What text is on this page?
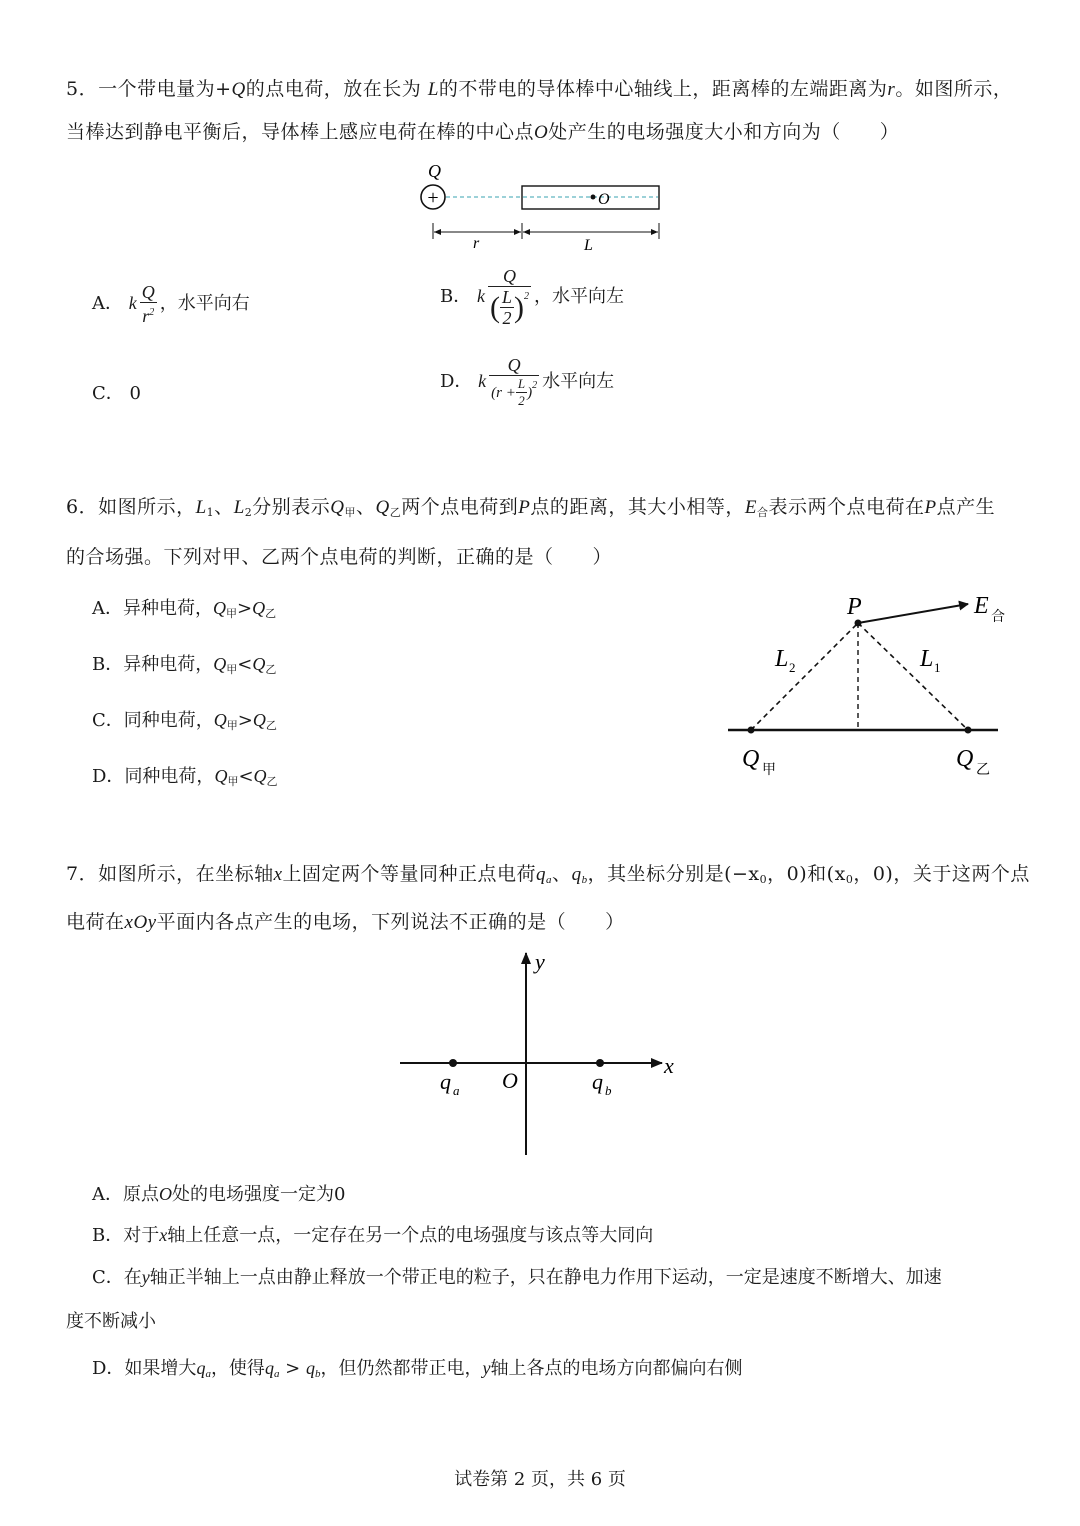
5．一个带电量为+Q的点电荷，放在长为 L的不带电的导体棒中心轴线上，距离棒的左端距离为r。如图所示，
当棒达到静电平衡后，导体棒上感应电荷在棒的中心点O处产生的电场强度大小和方向为（　　）
Q
+	O
r	L
A． k $\frac{Q}{r^2}$ ，水平向右	B． k $\frac{Q}{( \frac{L}{2} )^2}$ ，水平向左
C． 0
D． k $\frac{Q}{(r + \frac{L}{2} )^2}$ 水平向左
6．如图所示，$L_1$、$L_2$分别表示$Q_甲$、$Q_乙$两个点电荷到P点的距离，其大小相等，$E_合$表示两个点电荷在P点产生
的合场强。下列对甲、乙两个点电荷的判断，正确的是（　　）
A．异种电荷，$Q_甲>Q_乙$
B．异种电荷，$Q_甲<Q_乙$
C．同种电荷，$Q_甲>Q_乙$
D．同种电荷，$Q_甲<Q_乙$
P	E 合
L 2	L 1
Q 甲	Q 乙
7．如图所示，在坐标轴x上固定两个等量同种正点电荷$q_a$、$q_b$，其坐标分别是($-x_0$，0)和($x_0$，0)，关于这两个点
电荷在xOy平面内各点产生的电场，下列说法不正确的是（　　）
y
x
O
q a	q b
A．原点O处的电场强度一定为0
B．对于x轴上任意一点，一定存在另一个点的电场强度与该点等大同向
C．在y轴正半轴上一点由静止释放一个带正电的粒子，只在静电力作用下运动，一定是速度不断增大、加速
度不断减小
D．如果增大$q_a$，使得$q_a > q_b$，但仍然都带正电，y轴上各点的电场方向都偏向右侧
试卷第 2 页，共 6 页
